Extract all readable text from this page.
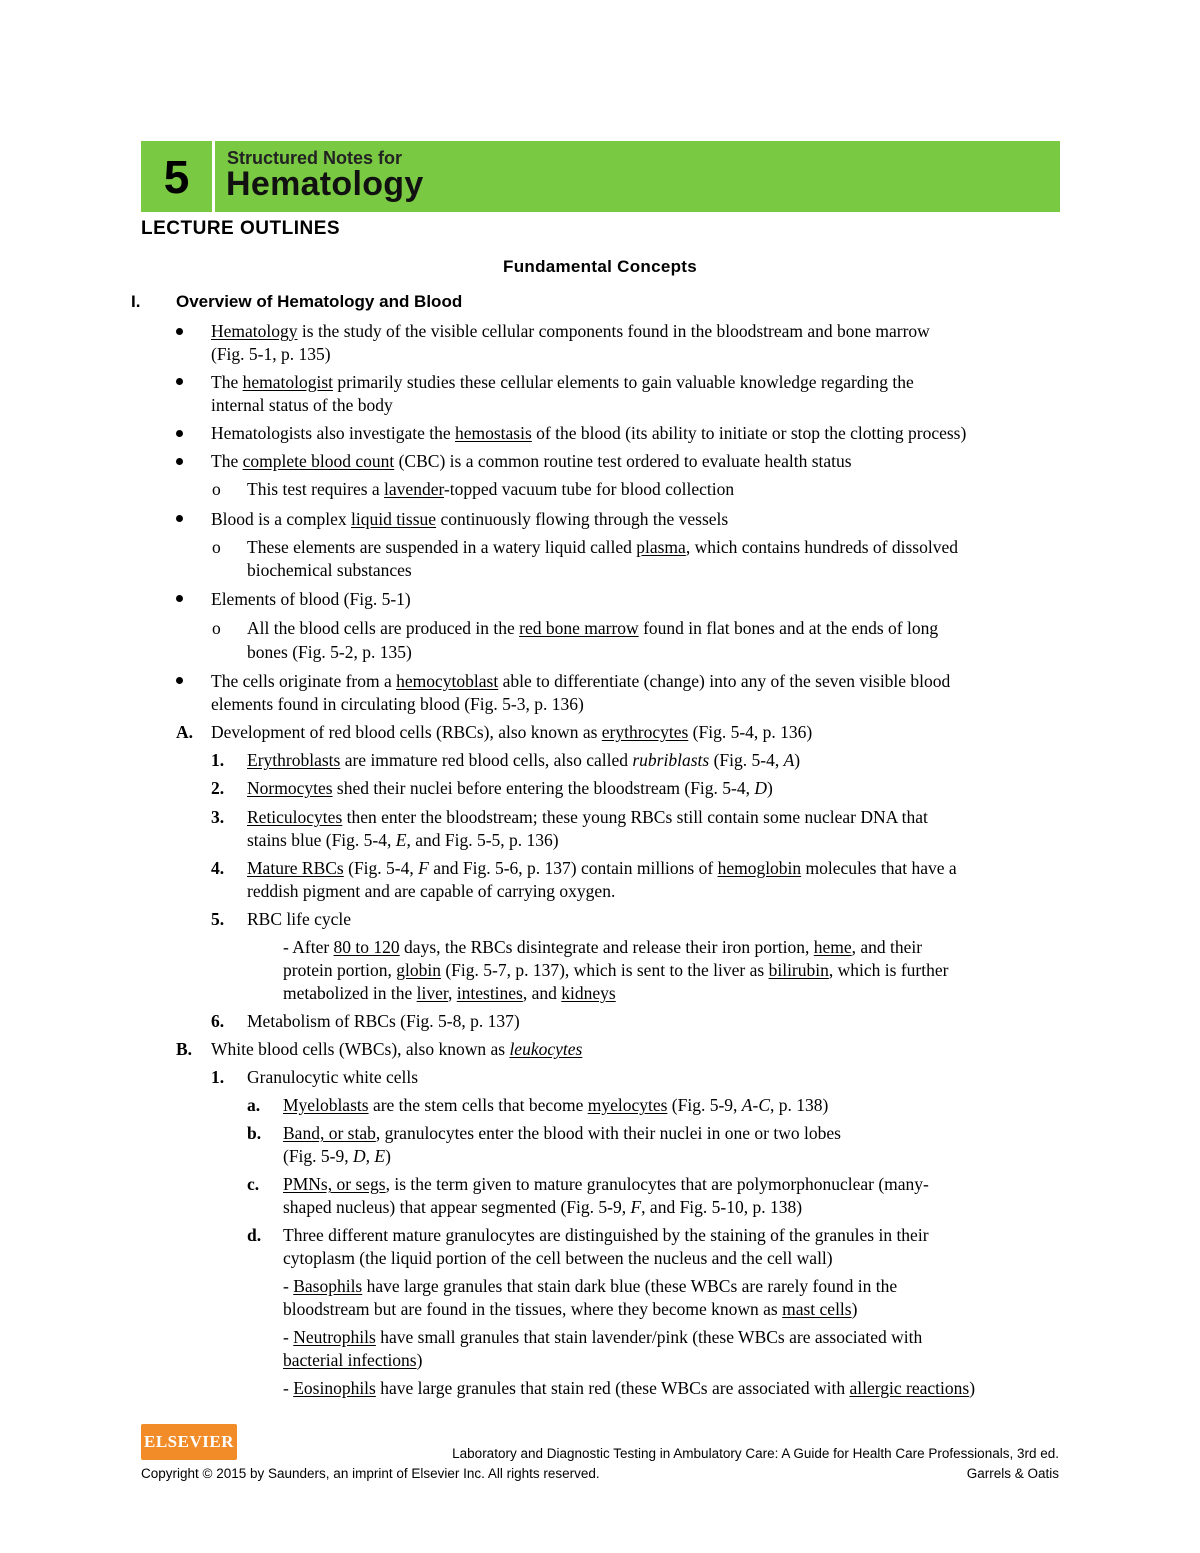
5	Structured Notes for
Hematology
LECTURE OUTLINES
Fundamental Concepts
I. Overview of Hematology and Blood
Hematology is the study of the visible cellular components found in the bloodstream and bone marrow
(Fig. 5-1, p. 135)
The hematologist primarily studies these cellular elements to gain valuable knowledge regarding the
internal status of the body
Hematologists also investigate the hemostasis of the blood (its ability to initiate or stop the clotting process)
The complete blood count (CBC) is a common routine test ordered to evaluate health status
o This test requires a lavender-topped vacuum tube for blood collection
Blood is a complex liquid tissue continuously flowing through the vessels
o These elements are suspended in a watery liquid called plasma, which contains hundreds of dissolved
biochemical substances
Elements of blood (Fig. 5-1)
o All the blood cells are produced in the red bone marrow found in flat bones and at the ends of long
bones (Fig. 5-2, p. 135)
The cells originate from a hemocytoblast able to differentiate (change) into any of the seven visible blood
elements found in circulating blood (Fig. 5-3, p. 136)
A. Development of red blood cells (RBCs), also known as erythrocytes (Fig. 5-4, p. 136)
1. Erythroblasts are immature red blood cells, also called rubriblasts (Fig. 5-4, A)
2. Normocytes shed their nuclei before entering the bloodstream (Fig. 5-4, D)
3. Reticulocytes then enter the bloodstream; these young RBCs still contain some nuclear DNA that
stains blue (Fig. 5-4, E, and Fig. 5-5, p. 136)
4. Mature RBCs (Fig. 5-4, F and Fig. 5-6, p. 137) contain millions of hemoglobin molecules that have a
reddish pigment and are capable of carrying oxygen.
5. RBC life cycle
- After 80 to 120 days, the RBCs disintegrate and release their iron portion, heme, and their
protein portion, globin (Fig. 5-7, p. 137), which is sent to the liver as bilirubin, which is further
metabolized in the liver, intestines, and kidneys
6. Metabolism of RBCs (Fig. 5-8, p. 137)
B. White blood cells (WBCs), also known as leukocytes
1. Granulocytic white cells
a. Myeloblasts are the stem cells that become myelocytes (Fig. 5-9, A-C, p. 138)
b. Band, or stab, granulocytes enter the blood with their nuclei in one or two lobes
(Fig. 5-9, D, E)
c. PMNs, or segs, is the term given to mature granulocytes that are polymorphonuclear (many-
shaped nucleus) that appear segmented (Fig. 5-9, F, and Fig. 5-10, p. 138)
d. Three different mature granulocytes are distinguished by the staining of the granules in their
cytoplasm (the liquid portion of the cell between the nucleus and the cell wall)
- Basophils have large granules that stain dark blue (these WBCs are rarely found in the
bloodstream but are found in the tissues, where they become known as mast cells)
- Neutrophils have small granules that stain lavender/pink (these WBCs are associated with
bacterial infections)
- Eosinophils have large granules that stain red (these WBCs are associated with allergic reactions)
ELSEVIER
Laboratory and Diagnostic Testing in Ambulatory Care: A Guide for Health Care Professionals, 3rd ed.
Copyright © 2015 by Saunders, an imprint of Elsevier Inc. All rights reserved.	Garrels & Oatis
